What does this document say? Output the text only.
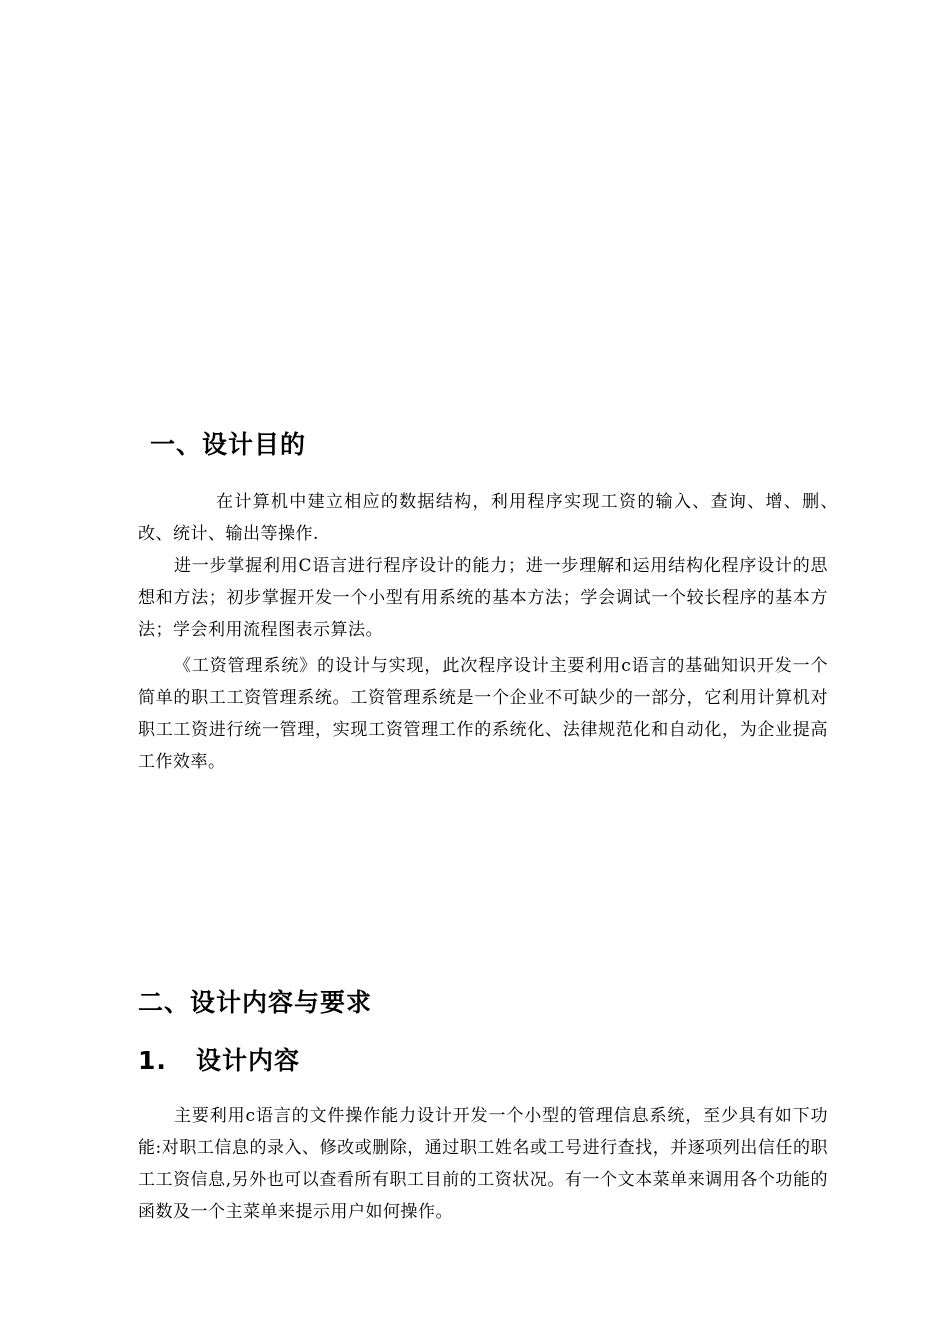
一、设计目的
在计算机中建立相应的数据结构，利用程序实现工资的输入、查询、增、删、改、统计、输出等操作.
进一步掌握利用C语言进行程序设计的能力；进一步理解和运用结构化程序设计的思想和方法；初步掌握开发一个小型有用系统的基本方法；学会调试一个较长程序的基本方法；学会利用流程图表示算法。
《工资管理系统》的设计与实现，此次程序设计主要利用c语言的基础知识开发一个简单的职工工资管理系统。工资管理系统是一个企业不可缺少的一部分，它利用计算机对职工工资进行统一管理，实现工资管理工作的系统化、法律规范化和自动化，为企业提高工作效率。
二、设计内容与要求
1. 设计内容
主要利用c语言的文件操作能力设计开发一个小型的管理信息系统，至少具有如下功能:对职工信息的录入、修改或删除，通过职工姓名或工号进行查找，并逐项列出信任的职工工资信息,另外也可以查看所有职工目前的工资状况。有一个文本菜单来调用各个功能的函数及一个主菜单来提示用户如何操作。
